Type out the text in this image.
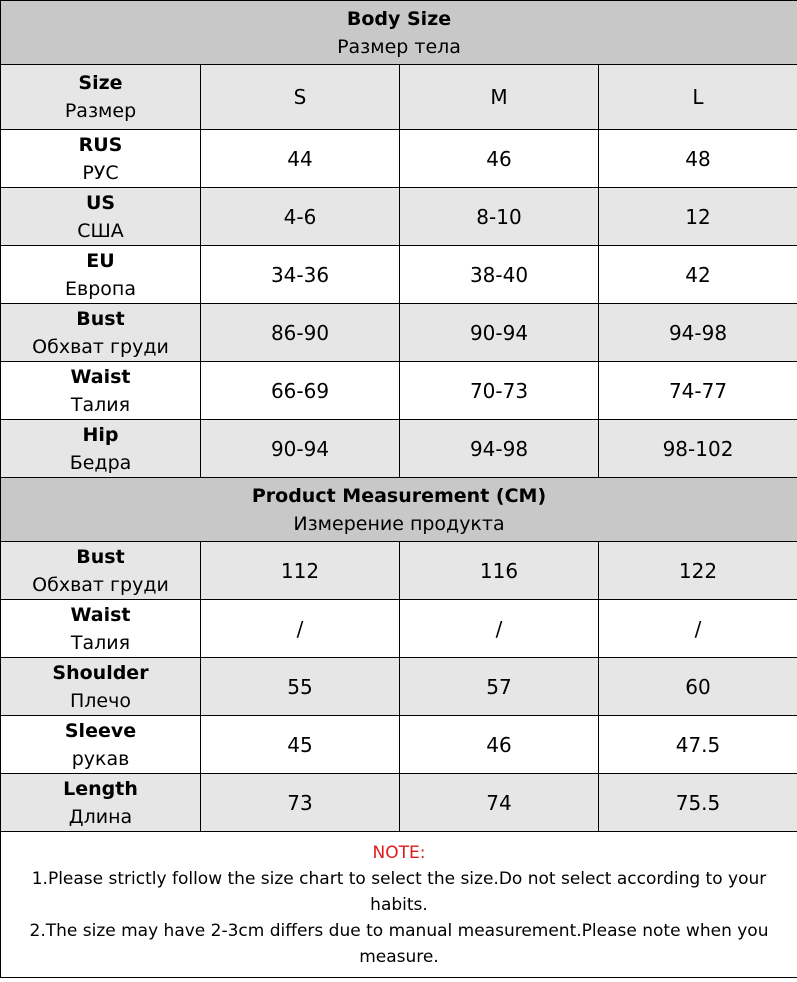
Body Size
Размер тела			

Size
Размер	S	M	L

RUS
РУС	44	46	48

US
США	4-6	8-10	12

EU
Европа	34-36	38-40	42

Bust
Обхват груди	86-90	90-94	94-98

Waist
Талия	66-69	70-73	74-77

Hip
Бедра	90-94	94-98	98-102

Product Measurement (CM)
Измерение продукта			

Bust
Обхват груди	112	116	122

Waist
Талия	/	/	/

Shoulder
Плечо	55	57	60

Sleeve
рукав	45	46	47.5

Length
Длина	73	74	75.5

NOTE:
1.Please strictly follow the size chart to select the size.Do not select according to your habits.
2.The size may have 2-3cm differs due to manual measurement.Please note when you measure.			
